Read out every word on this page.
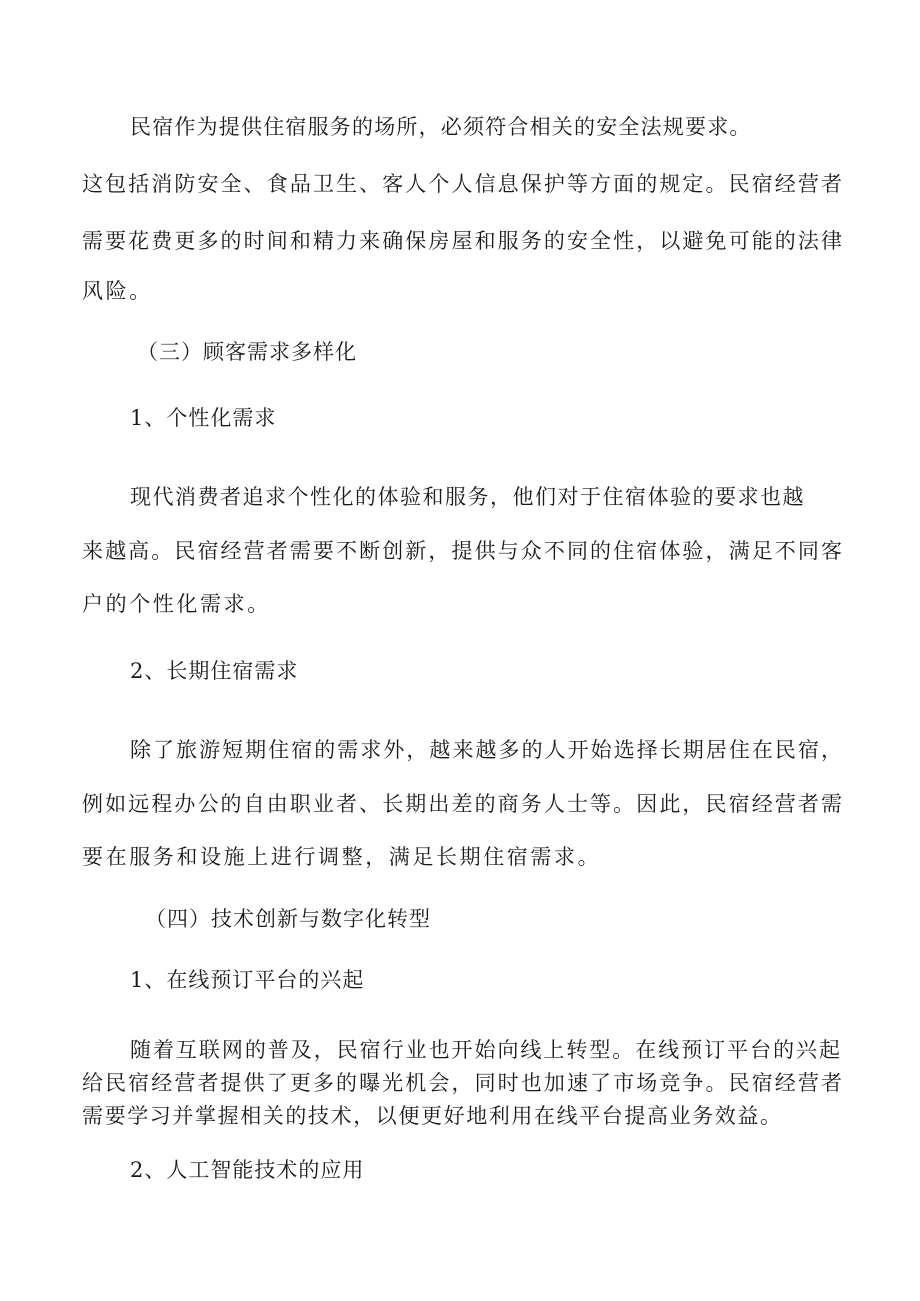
民宿作为提供住宿服务的场所，必须符合相关的安全法规要求。
这包括消防安全、食品卫生、客人个人信息保护等方面的规定。民宿经营者
需要花费更多的时间和精力来确保房屋和服务的安全性，以避免可能的法律
风险。
（三）顾客需求多样化
1、个性化需求
现代消费者追求个性化的体验和服务，他们对于住宿体验的要求也越
来越高。民宿经营者需要不断创新，提供与众不同的住宿体验，满足不同客
户的个性化需求。
2、长期住宿需求
除了旅游短期住宿的需求外，越来越多的人开始选择长期居住在民宿，
例如远程办公的自由职业者、长期出差的商务人士等。因此，民宿经营者需
要在服务和设施上进行调整，满足长期住宿需求。
（四）技术创新与数字化转型
1、在线预订平台的兴起
随着互联网的普及，民宿行业也开始向线上转型。在线预订平台的兴起
给民宿经营者提供了更多的曝光机会，同时也加速了市场竞争。民宿经营者
需要学习并掌握相关的技术，以便更好地利用在线平台提高业务效益。
2、人工智能技术的应用
